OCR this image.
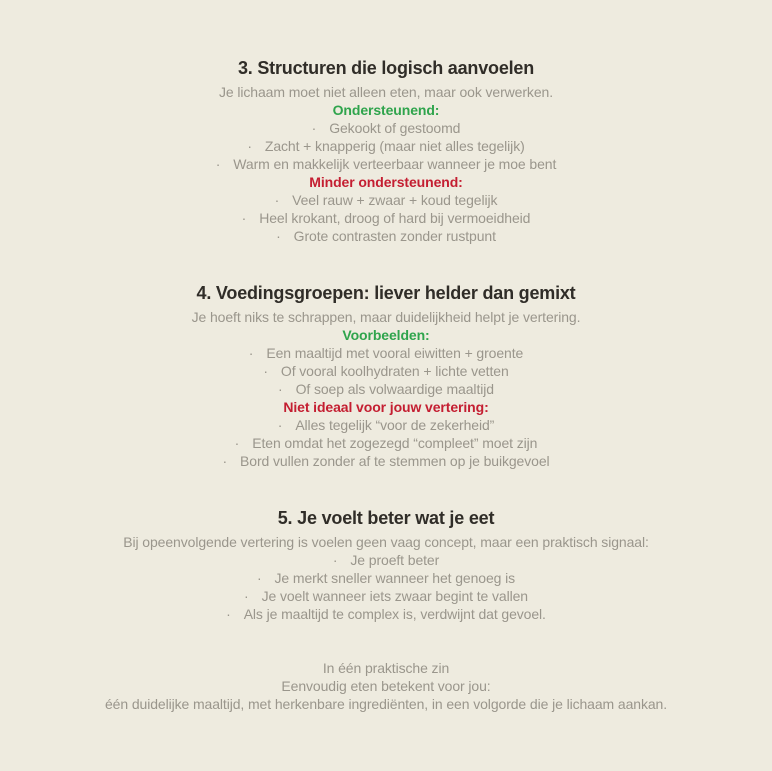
3. Structuren die logisch aanvoelen

Je lichaam moet niet alleen eten, maar ook verwerken.

Ondersteunend:

· Gekookt of gestoomd
· Zacht + knapperig (maar niet alles tegelijk)
· Warm en makkelijk verteerbaar wanneer je moe bent

Minder ondersteunend:

· Veel rauw + zwaar + koud tegelijk
· Heel krokant, droog of hard bij vermoeidheid
· Grote contrasten zonder rustpunt
4. Voedingsgroepen: liever helder dan gemixt

Je hoeft niks te schrappen, maar duidelijkheid helpt je vertering.

Voorbeelden:

· Een maaltijd met vooral eiwitten + groente
· Of vooral koolhydraten + lichte vetten
· Of soep als volwaardige maaltijd

Niet ideaal voor jouw vertering:

· Alles tegelijk “voor de zekerheid”
· Eten omdat het zogezegd “compleet” moet zijn
· Bord vullen zonder af te stemmen op je buikgevoel
5. Je voelt beter wat je eet

Bij opeenvolgende vertering is voelen geen vaag concept, maar een praktisch signaal:

· Je proeft beter
· Je merkt sneller wanneer het genoeg is
· Je voelt wanneer iets zwaar begint te vallen
· Als je maaltijd te complex is, verdwijnt dat gevoel.

In één praktische zin

Eenvoudig eten betekent voor jou:

één duidelijke maaltijd, met herkenbare ingrediënten, in een volgorde die je lichaam aankan.
